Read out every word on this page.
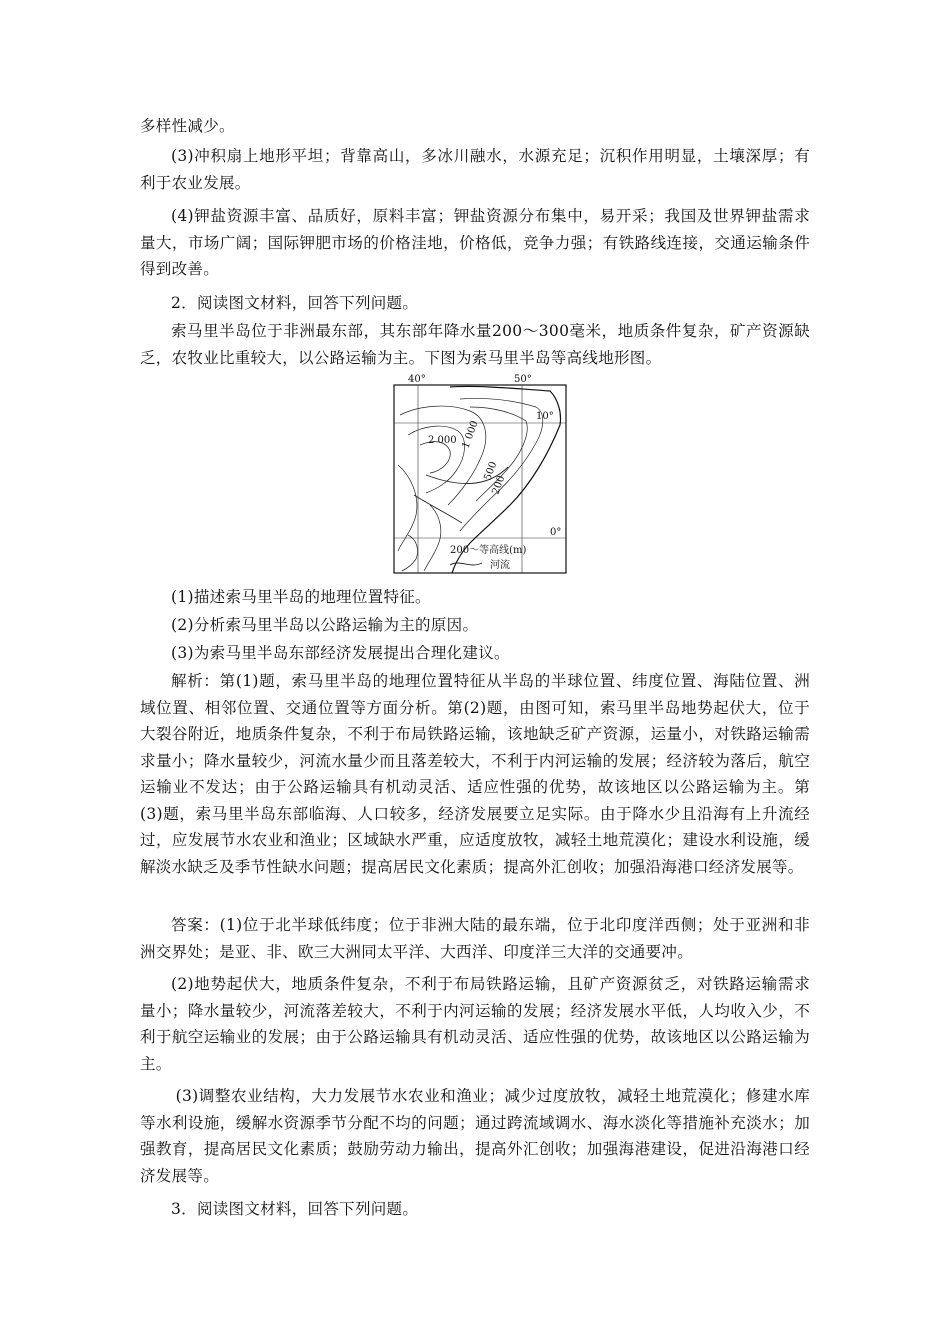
多样性减少。

(3)冲积扇上地形平坦；背靠高山，多冰川融水，水源充足；沉积作用明显，土壤深厚；有利于农业发展。

(4)钾盐资源丰富、品质好，原料丰富；钾盐资源分布集中，易开采；我国及世界钾盐需求量大，市场广阔；国际钾肥市场的价格洼地，价格低，竞争力强；有铁路线连接，交通运输条件得到改善。

2．阅读图文材料，回答下列问题。

索马里半岛位于非洲最东部，其东部年降水量200～300毫米，地质条件复杂，矿产资源缺乏，农牧业比重较大，以公路运输为主。下图为索马里半岛等高线地形图。

2 000 1 000
500
200
40°	50°
10°
0°
200～等高线(m)
河流

(1)描述索马里半岛的地理位置特征。

(2)分析索马里半岛以公路运输为主的原因。

(3)为索马里半岛东部经济发展提出合理化建议。

解析：第(1)题，索马里半岛的地理位置特征从半岛的半球位置、纬度位置、海陆位置、洲域位置、相邻位置、交通位置等方面分析。第(2)题，由图可知，索马里半岛地势起伏大，位于大裂谷附近，地质条件复杂，不利于布局铁路运输，该地缺乏矿产资源，运量小，对铁路运输需求量小；降水量较少，河流水量少而且落差较大，不利于内河运输的发展；经济较为落后，航空运输业不发达；由于公路运输具有机动灵活、适应性强的优势，故该地区以公路运输为主。第(3)题，索马里半岛东部临海、人口较多，经济发展要立足实际。由于降水少且沿海有上升流经过，应发展节水农业和渔业；区域缺水严重，应适度放牧，减轻土地荒漠化；建设水利设施，缓解淡水缺乏及季节性缺水问题；提高居民文化素质；提高外汇创收；加强沿海港口经济发展等。

答案：(1)位于北半球低纬度；位于非洲大陆的最东端，位于北印度洋西侧；处于亚洲和非洲交界处；是亚、非、欧三大洲同太平洋、大西洋、印度洋三大洋的交通要冲。

(2)地势起伏大，地质条件复杂，不利于布局铁路运输，且矿产资源贫乏，对铁路运输需求量小；降水量较少，河流落差较大，不利于内河运输的发展；经济发展水平低，人均收入少，不利于航空运输业的发展；由于公路运输具有机动灵活、适应性强的优势，故该地区以公路运输为主。

(3)调整农业结构，大力发展节水农业和渔业；减少过度放牧，减轻土地荒漠化；修建水库等水利设施，缓解水资源季节分配不均的问题；通过跨流域调水、海水淡化等措施补充淡水；加强教育，提高居民文化素质；鼓励劳动力输出，提高外汇创收；加强海港建设，促进沿海港口经济发展等。

3．阅读图文材料，回答下列问题。
